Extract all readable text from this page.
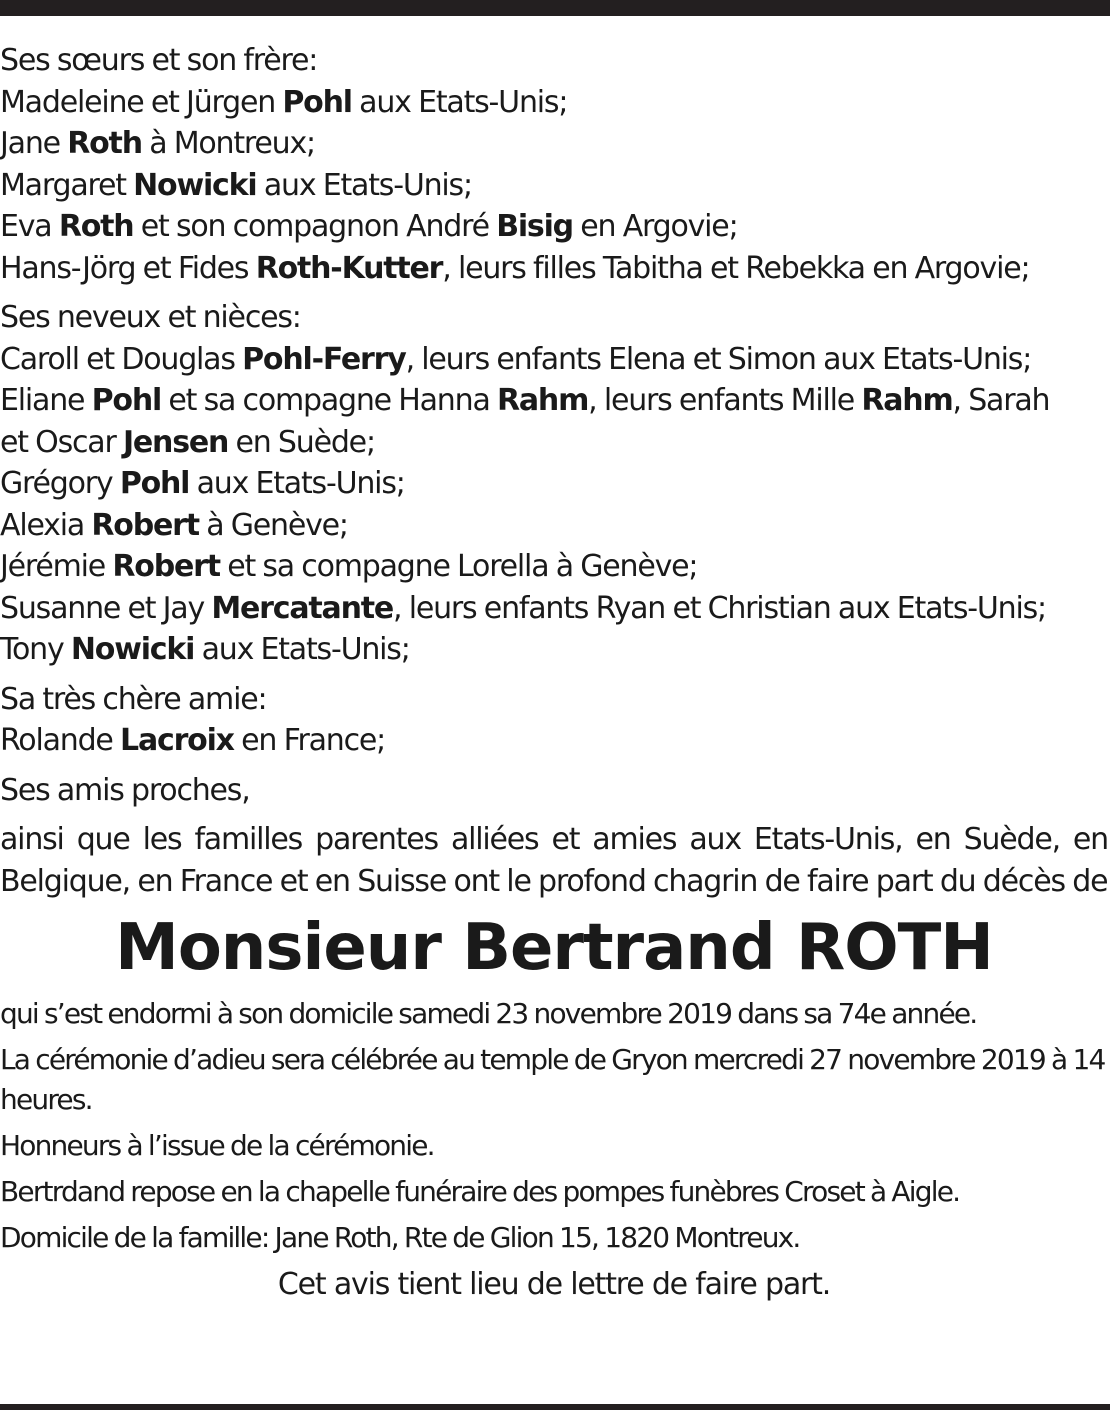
Ses sœurs et son frère:
Madeleine et Jürgen Pohl aux Etats-Unis;
Jane Roth à Montreux;
Margaret Nowicki aux Etats-Unis;
Eva Roth et son compagnon André Bisig en Argovie;
Hans-Jörg et Fides Roth-Kutter, leurs filles Tabitha et Rebekka en Argovie;
Ses neveux et nièces:
Caroll et Douglas Pohl-Ferry, leurs enfants Elena et Simon aux Etats-Unis;
Eliane Pohl et sa compagne Hanna Rahm, leurs enfants Mille Rahm, Sarah
et Oscar Jensen en Suède;
Grégory Pohl aux Etats-Unis;
Alexia Robert à Genève;
Jérémie Robert et sa compagne Lorella à Genève;
Susanne et Jay Mercatante, leurs enfants Ryan et Christian aux Etats-Unis;
Tony Nowicki aux Etats-Unis;
Sa très chère amie:
Rolande Lacroix en France;
Ses amis proches,

ainsi que les familles parentes alliées et amies aux Etats-Unis, en Suède, en Belgique, en France et en Suisse ont le profond chagrin de faire part du décès de

Monsieur Bertrand ROTH

qui s’est endormi à son domicile samedi 23 novembre 2019 dans sa 74e année.

La cérémonie d’adieu sera célébrée au temple de Gryon mercredi 27 novembre 2019 à 14 heures.

Honneurs à l’issue de la cérémonie.

Bertrdand repose en la chapelle funéraire des pompes funèbres Croset à Aigle.

Domicile de la famille: Jane Roth, Rte de Glion 15, 1820 Montreux.

Cet avis tient lieu de lettre de faire part.
